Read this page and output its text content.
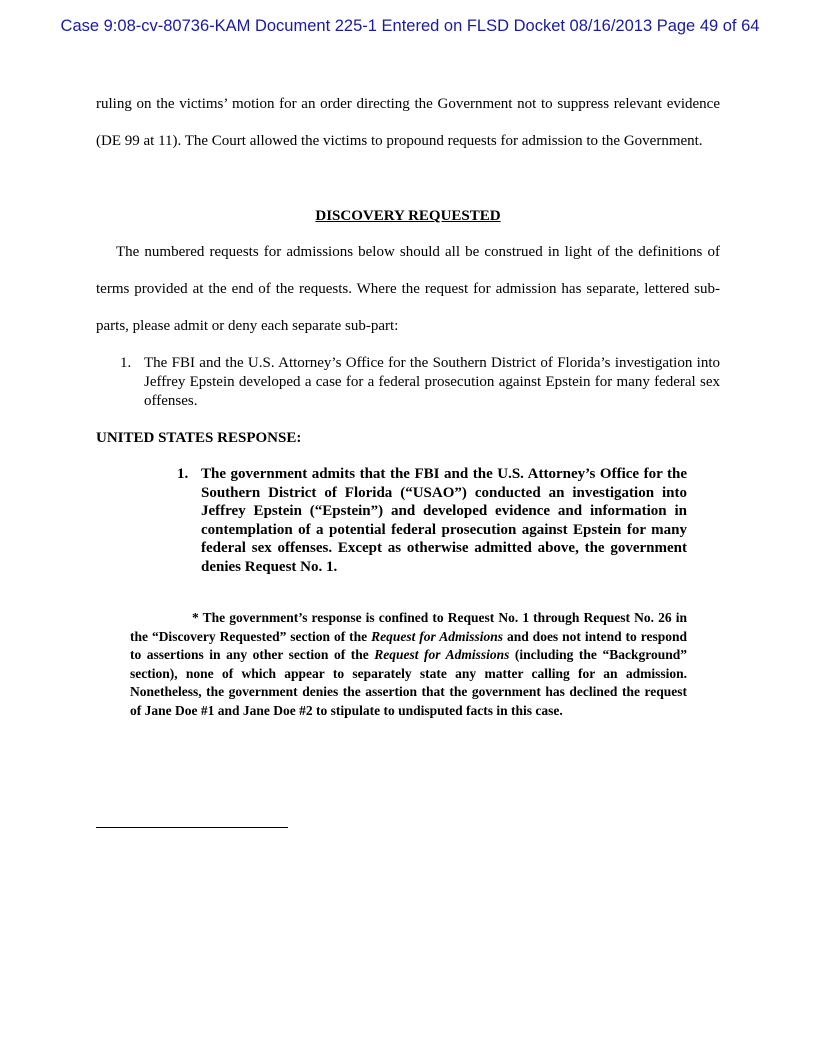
Case 9:08-cv-80736-KAM Document 225-1 Entered on FLSD Docket 08/16/2013 Page 49 of 64

ruling on the victims’ motion for an order directing the Government not to suppress relevant evidence (DE 99 at 11). The Court allowed the victims to propound requests for admission to the Government.

DISCOVERY REQUESTED

The numbered requests for admissions below should all be construed in light of the definitions of terms provided at the end of the requests. Where the request for admission has separate, lettered sub-parts, please admit or deny each separate sub-part:

1. The FBI and the U.S. Attorney’s Office for the Southern District of Florida’s investigation into Jeffrey Epstein developed a case for a federal prosecution against Epstein for many federal sex offenses.
UNITED STATES RESPONSE:
1. The government admits that the FBI and the U.S. Attorney’s Office for the Southern District of Florida (“USAO”) conducted an investigation into Jeffrey Epstein (“Epstein”) and developed evidence and information in contemplation of a potential federal prosecution against Epstein for many federal sex offenses. Except as otherwise admitted above, the government denies Request No. 1.

* The government’s response is confined to Request No. 1 through Request No. 26 in the “Discovery Requested” section of the Request for Admissions and does not intend to respond to assertions in any other section of the Request for Admissions (including the “Background” section), none of which appear to separately state any matter calling for an admission. Nonetheless, the government denies the assertion that the government has declined the request of Jane Doe #1 and Jane Doe #2 to stipulate to undisputed facts in this case.
